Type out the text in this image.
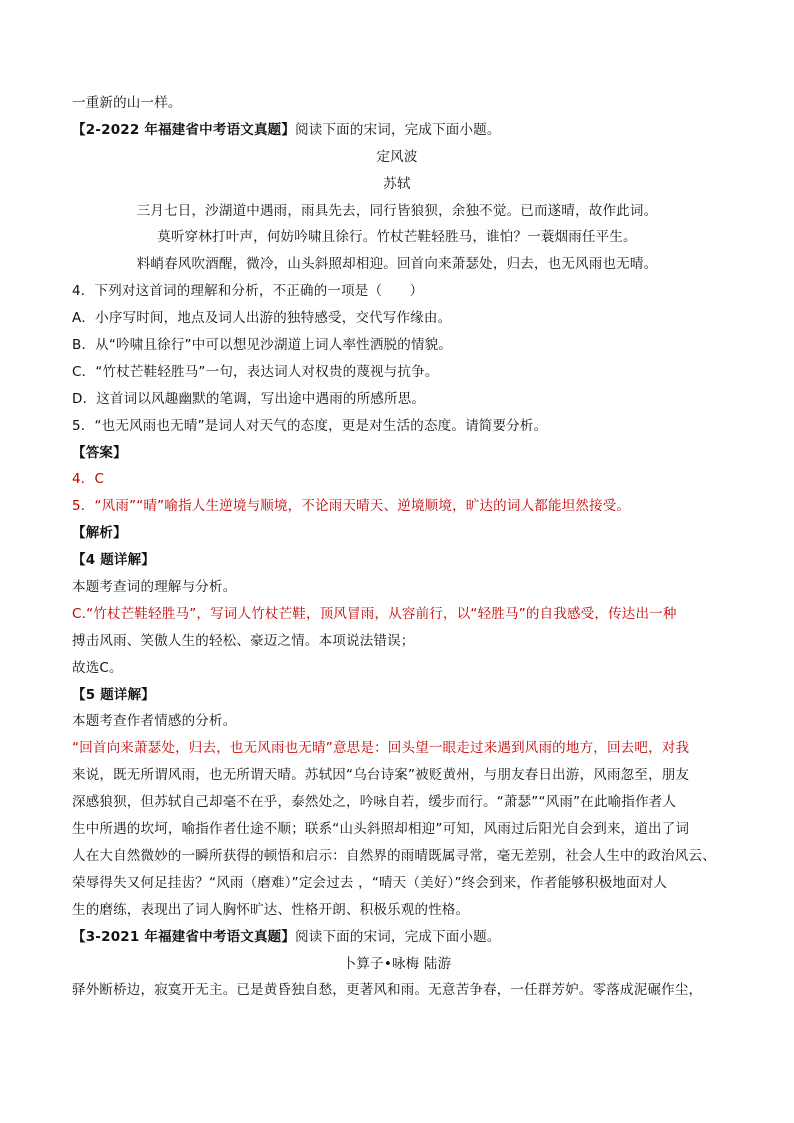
一重新的山一样。
【2-2022 年福建省中考语文真题】阅读下面的宋词，完成下面小题。
定风波
苏轼
三月七日，沙湖道中遇雨，雨具先去，同行皆狼狈，余独不觉。已而遂晴，故作此词。
莫听穿林打叶声，何妨吟啸且徐行。竹杖芒鞋轻胜马，谁怕？一蓑烟雨任平生。
料峭春风吹酒醒，微冷，山头斜照却相迎。回首向来萧瑟处，归去，也无风雨也无晴。
4．下列对这首词的理解和分析，不正确的一项是（　　）
A．小序写时间，地点及词人出游的独特感受，交代写作缘由。
B．从“吟啸且徐行”中可以想见沙湖道上词人率性洒脱的情貌。
C．“竹杖芒鞋轻胜马”一句，表达词人对权贵的蔑视与抗争。
D．这首词以风趣幽默的笔调，写出途中遇雨的所感所思。
5．“也无风雨也无晴”是词人对天气的态度，更是对生活的态度。请简要分析。
【答案】
4．C
5．“风雨”“晴”喻指人生逆境与顺境，不论雨天晴天、逆境顺境，旷达的词人都能坦然接受。
【解析】
【4 题详解】
本题考查词的理解与分析。
C.“竹杖芒鞋轻胜马”，写词人竹杖芒鞋，顶风冒雨，从容前行，以“轻胜马”的自我感受，传达出一种
搏击风雨、笑傲人生的轻松、豪迈之情。本项说法错误；
故选C。
【5 题详解】
本题考查作者情感的分析。
“回首向来萧瑟处，归去，也无风雨也无晴”意思是：回头望一眼走过来遇到风雨的地方，回去吧，对我
来说，既无所谓风雨，也无所谓天晴。苏轼因“乌台诗案”被贬黄州，与朋友春日出游，风雨忽至，朋友
深感狼狈，但苏轼自己却毫不在乎，泰然处之，吟咏自若，缓步而行。“萧瑟”“风雨”在此喻指作者人
生中所遇的坎坷，喻指作者仕途不顺；联系“山头斜照却相迎”可知，风雨过后阳光自会到来，道出了词
人在大自然微妙的一瞬所获得的顿悟和启示：自然界的雨晴既属寻常，毫无差别，社会人生中的政治风云、
荣辱得失又何足挂齿？“风雨（磨难）”定会过去 ，“晴天（美好）”终会到来，作者能够积极地面对人
生的磨练，表现出了词人胸怀旷达、性格开朗、积极乐观的性格。
【3-2021 年福建省中考语文真题】阅读下面的宋词，完成下面小题。
卜算子•咏梅 陆游
驿外断桥边，寂寞开无主。已是黄昏独自愁，更著风和雨。无意苦争春，一任群芳妒。零落成泥碾作尘，
